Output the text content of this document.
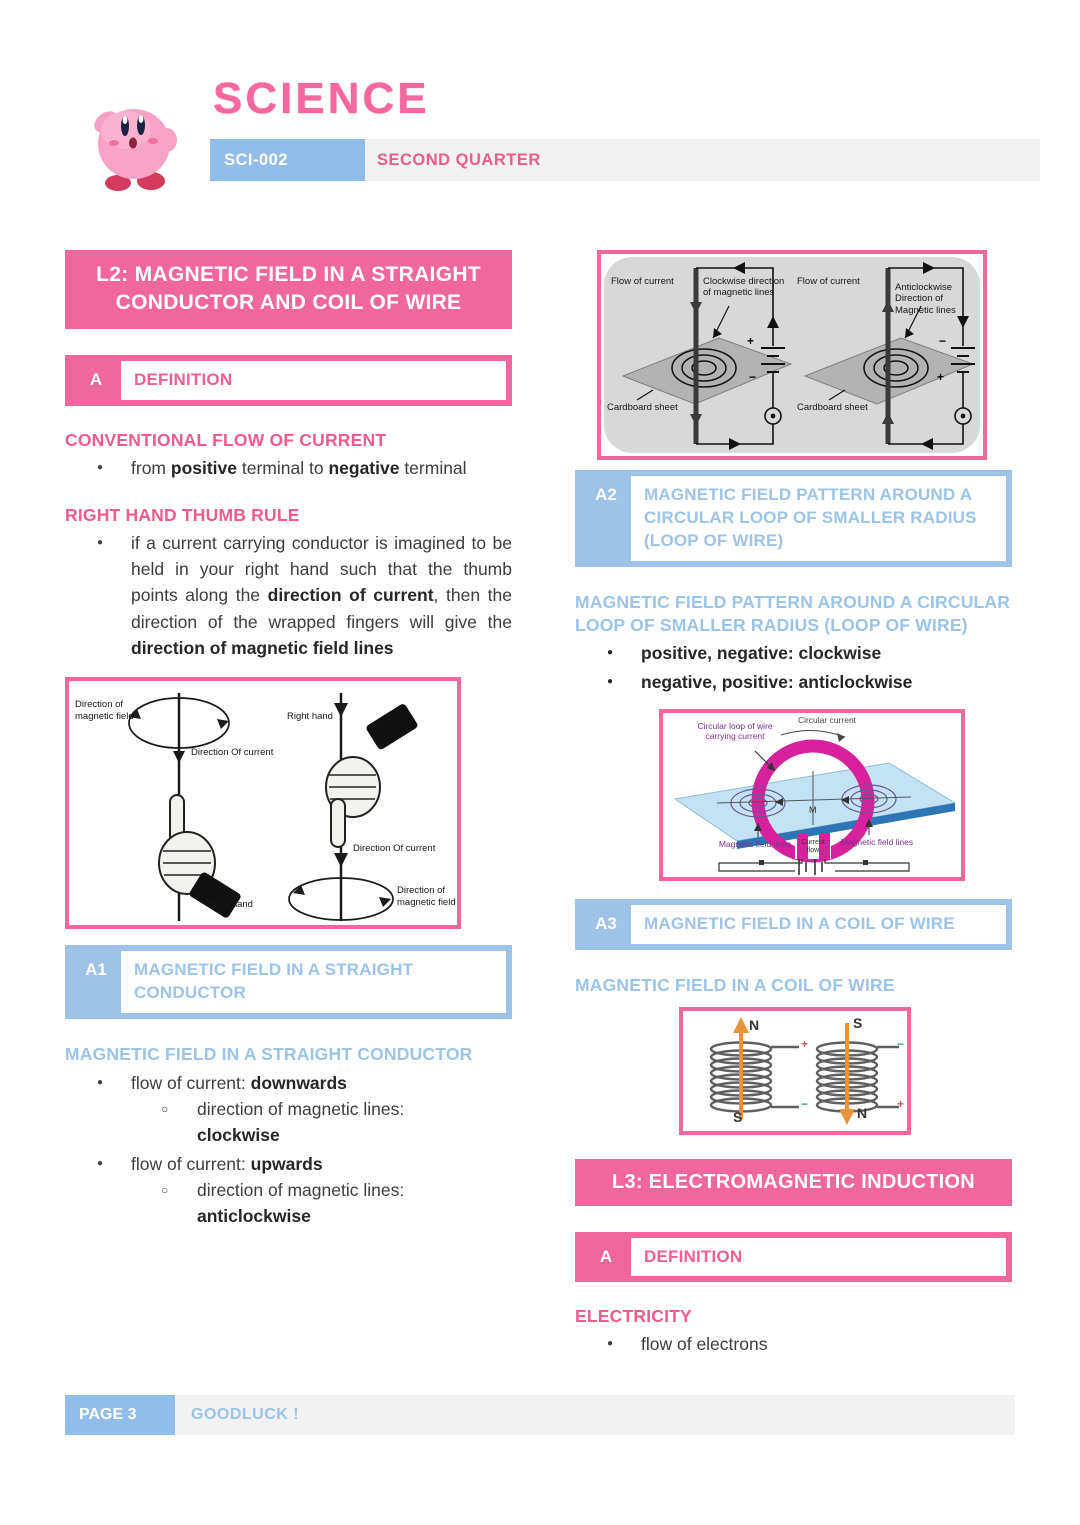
SCIENCE
SCI-002	SECOND QUARTER
L2: MAGNETIC FIELD IN A STRAIGHT CONDUCTOR AND COIL OF WIRE
A	DEFINITION
CONVENTIONAL FLOW OF CURRENT
● from positive terminal to negative terminal
RIGHT HAND THUMB RULE
● if a current carrying conductor is imagined to be held in your right hand such that the thumb points along the direction of current, then the direction of the wrapped fingers will give the direction of magnetic field lines
Direction of magnetic field
Direction Of current
Right hand
Right hand
Direction Of current
Direction of magnetic field
A1	MAGNETIC FIELD IN A STRAIGHT CONDUCTOR
MAGNETIC FIELD IN A STRAIGHT CONDUCTOR
● flow of current: downwards
○ direction of magnetic lines:
clockwise
● flow of current: upwards
○ direction of magnetic lines:
anticlockwise
Flow of current	Clockwise direction of magnetic lines
Cardboard sheet
+
−
Flow of current
Anticlockwise Direction of Magnetic lines
Cardboard sheet
−
+
A2	MAGNETIC FIELD PATTERN AROUND A CIRCULAR LOOP OF SMALLER RADIUS (LOOP OF WIRE)
MAGNETIC FIELD PATTERN AROUND A CIRCULAR LOOP OF SMALLER RADIUS (LOOP OF WIRE)
● positive, negative: clockwise
● negative, positive: anticlockwise
Circular loop of wire carrying current
Circular current
Magnetic field lines	Magnetic field lines
M
Current flow
A3	MAGNETIC FIELD IN A COIL OF WIRE
MAGNETIC FIELD IN A COIL OF WIRE
N
S
+
−
S
N
−
+
L3: ELECTROMAGNETIC INDUCTION
A	DEFINITION
ELECTRICITY
● flow of electrons
PAGE 3	GOODLUCK !
